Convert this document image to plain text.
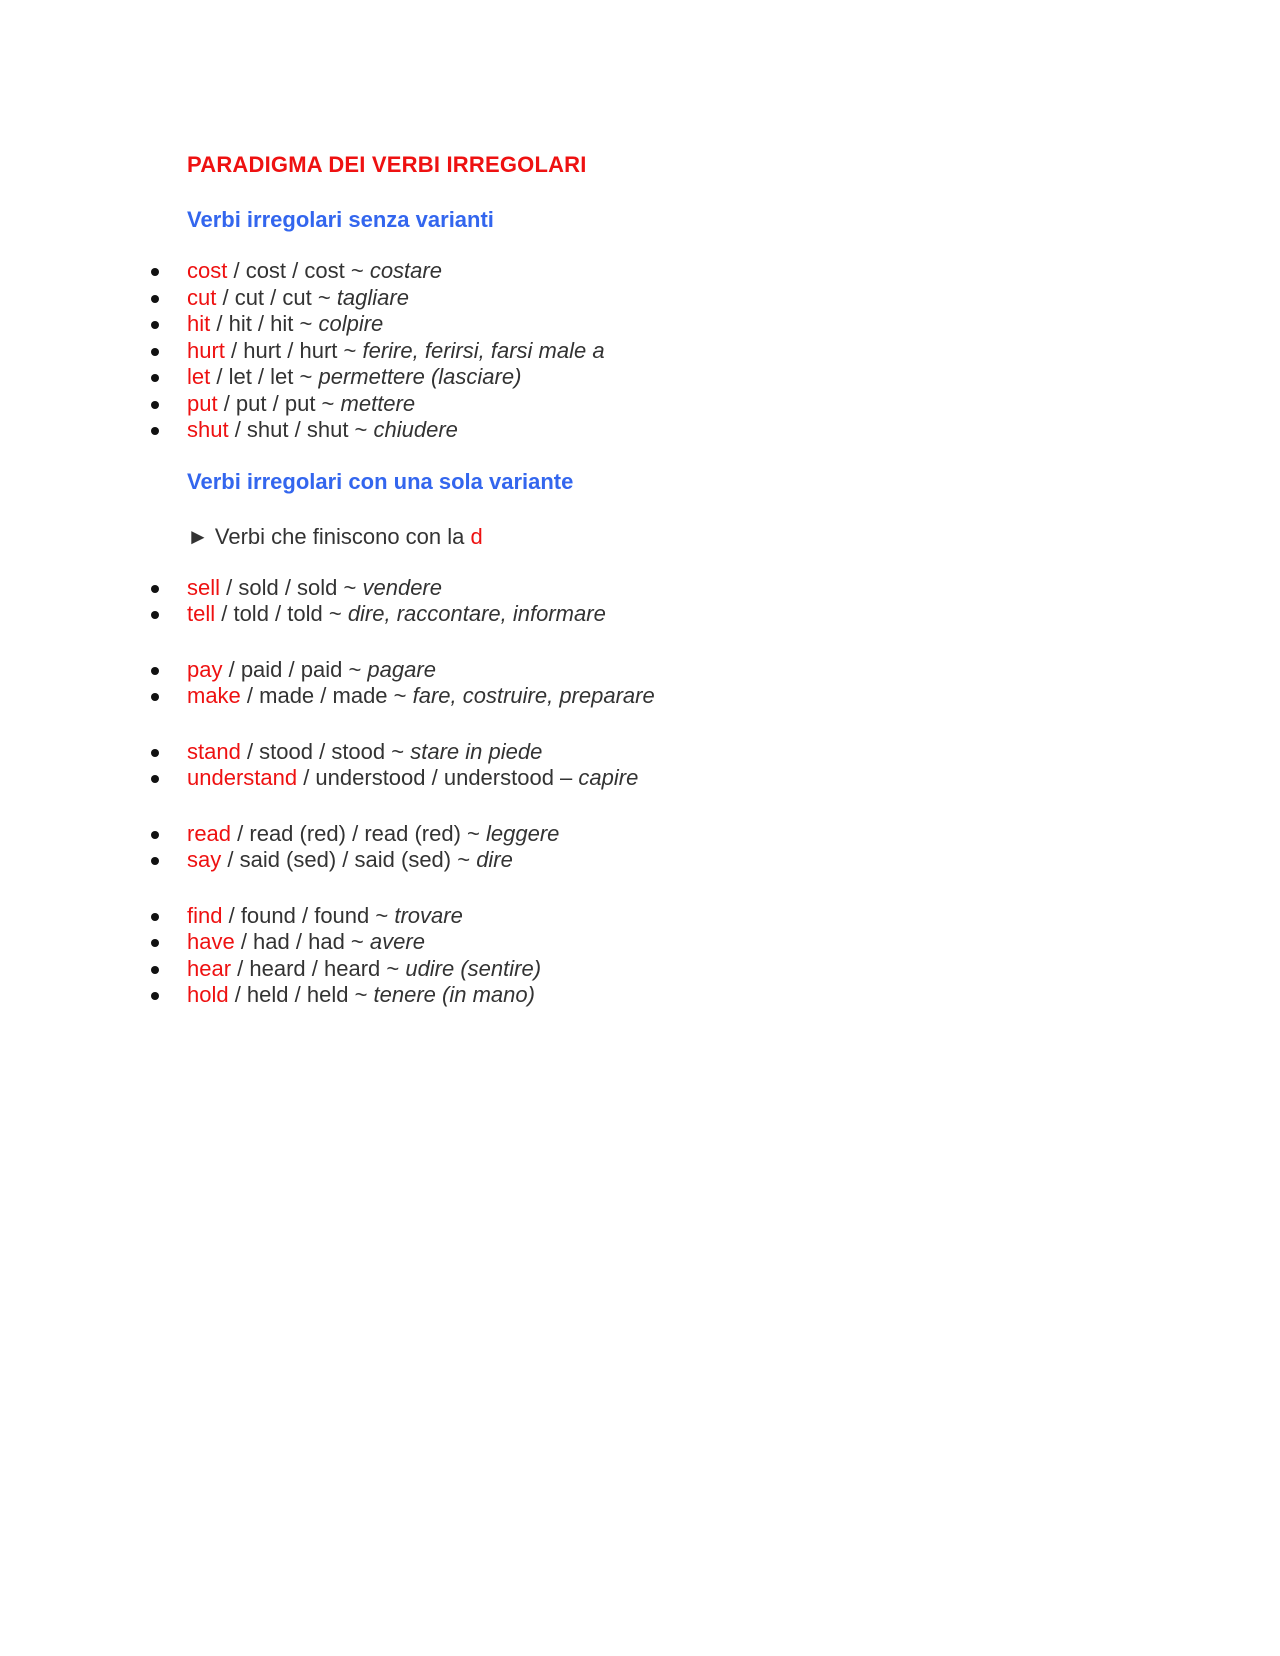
PARADIGMA DEI VERBI IRREGOLARI
Verbi irregolari senza varianti
cost / cost / cost ~ costare
cut / cut / cut ~ tagliare
hit / hit / hit ~ colpire
hurt / hurt / hurt ~ ferire, ferirsi, farsi male a
let / let / let ~ permettere (lasciare)
put / put / put ~ mettere
shut / shut / shut ~ chiudere
Verbi irregolari con una sola variante

► Verbi che finiscono con la d

sell / sold / sold ~ vendere
tell / told / told ~ dire, raccontare, informare
pay / paid / paid ~ pagare
make / made / made ~ fare, costruire, preparare
stand / stood / stood ~ stare in piede
understand / understood / understood – capire
read / read (red) / read (red) ~ leggere
say / said (sed) / said (sed) ~ dire
find / found / found ~ trovare
have / had / had ~ avere
hear / heard / heard ~ udire (sentire)
hold / held / held ~ tenere (in mano)
